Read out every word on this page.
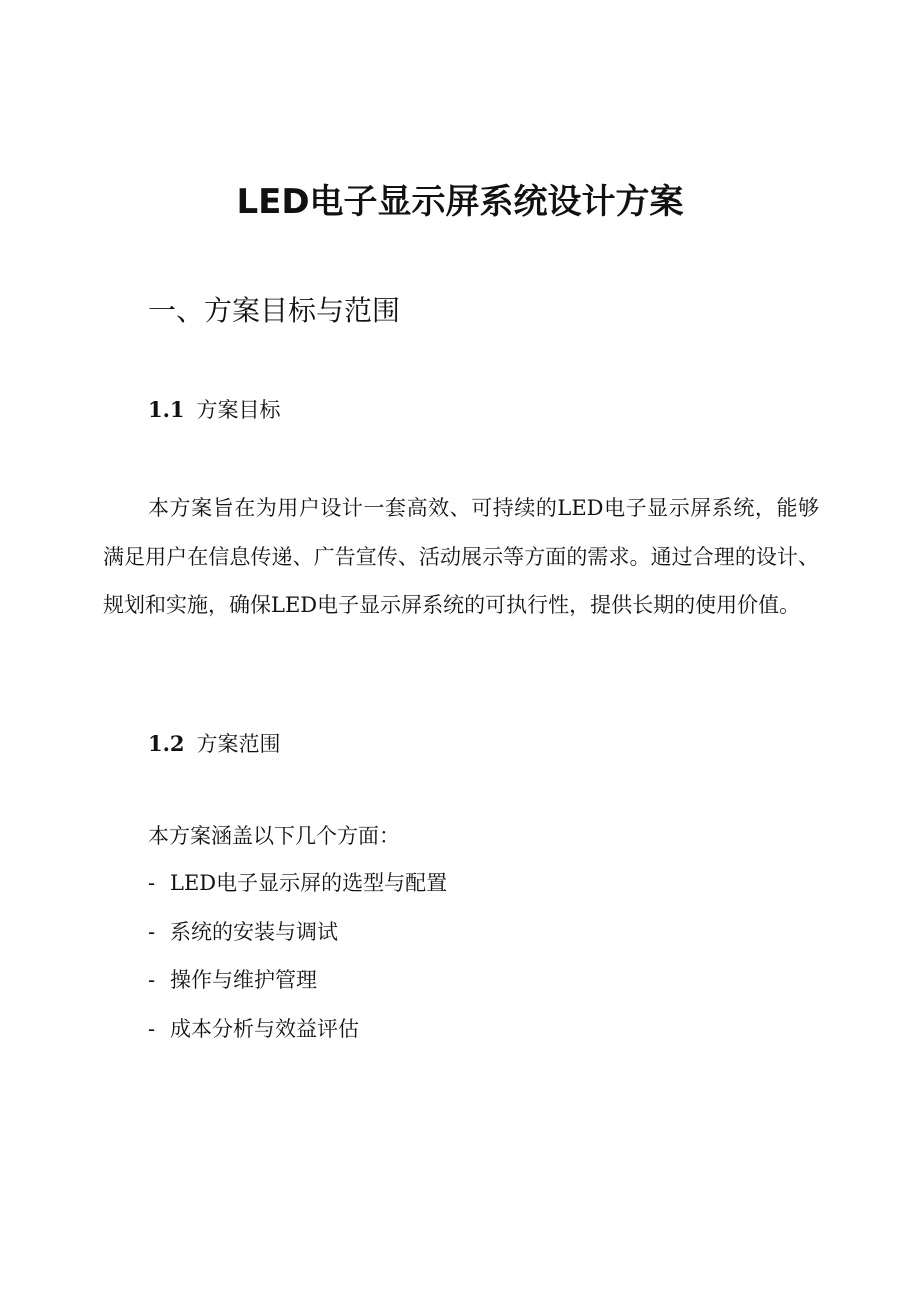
LED电子显示屏系统设计方案
一、方案目标与范围
1.1 方案目标

本方案旨在为用户设计一套高效、可持续的LED电子显示屏系统，能够满足用户在信息传递、广告宣传、活动展示等方面的需求。通过合理的设计、规划和实施，确保LED电子显示屏系统的可执行性，提供长期的使用价值。

1.2 方案范围

本方案涵盖以下几个方面：

- LED电子显示屏的选型与配置
- 系统的安装与调试
- 操作与维护管理
- 成本分析与效益评估
